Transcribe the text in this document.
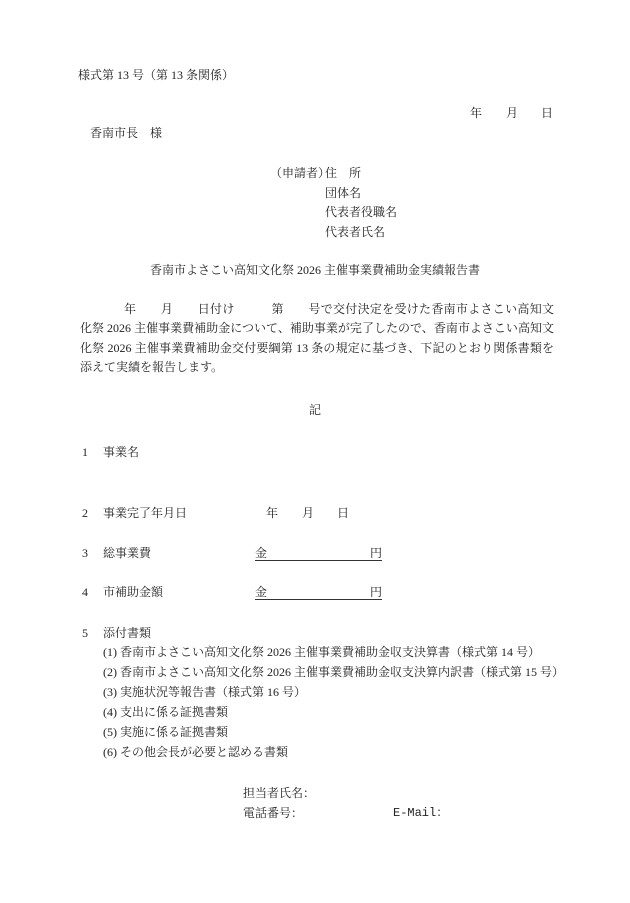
様式第 13 号（第 13 条関係）
年 月 日
香南市長　様
（申請者）
住　所
団体名
代表者役職名
代表者氏名
香南市よさこい高知文化祭 2026 主催事業費補助金実績報告書
年　　月　　日付け　　　第　　号で交付決定を受けた香南市よさこい高知文化祭 2026 主催事業費補助金について、補助事業が完了したので、香南市よさこい高知文化祭 2026 主催事業費補助金交付要綱第 13 条の規定に基づき、下記のとおり関係書類を添えて実績を報告します。
記
1 事業名
2 事業完了年月日	年 月 日
3 総事業費	金	円
4 市補助金額	金	円
5 添付書類
(1) 香南市よさこい高知文化祭 2026 主催事業費補助金収支決算書（様式第 14 号）
(2) 香南市よさこい高知文化祭 2026 主催事業費補助金収支決算内訳書（様式第 15 号）
(3) 実施状況等報告書（様式第 16 号）
(4) 支出に係る証拠書類
(5) 実施に係る証拠書類
(6) その他会長が必要と認める書類
担当者氏名：
電話番号：	E-Mail：
